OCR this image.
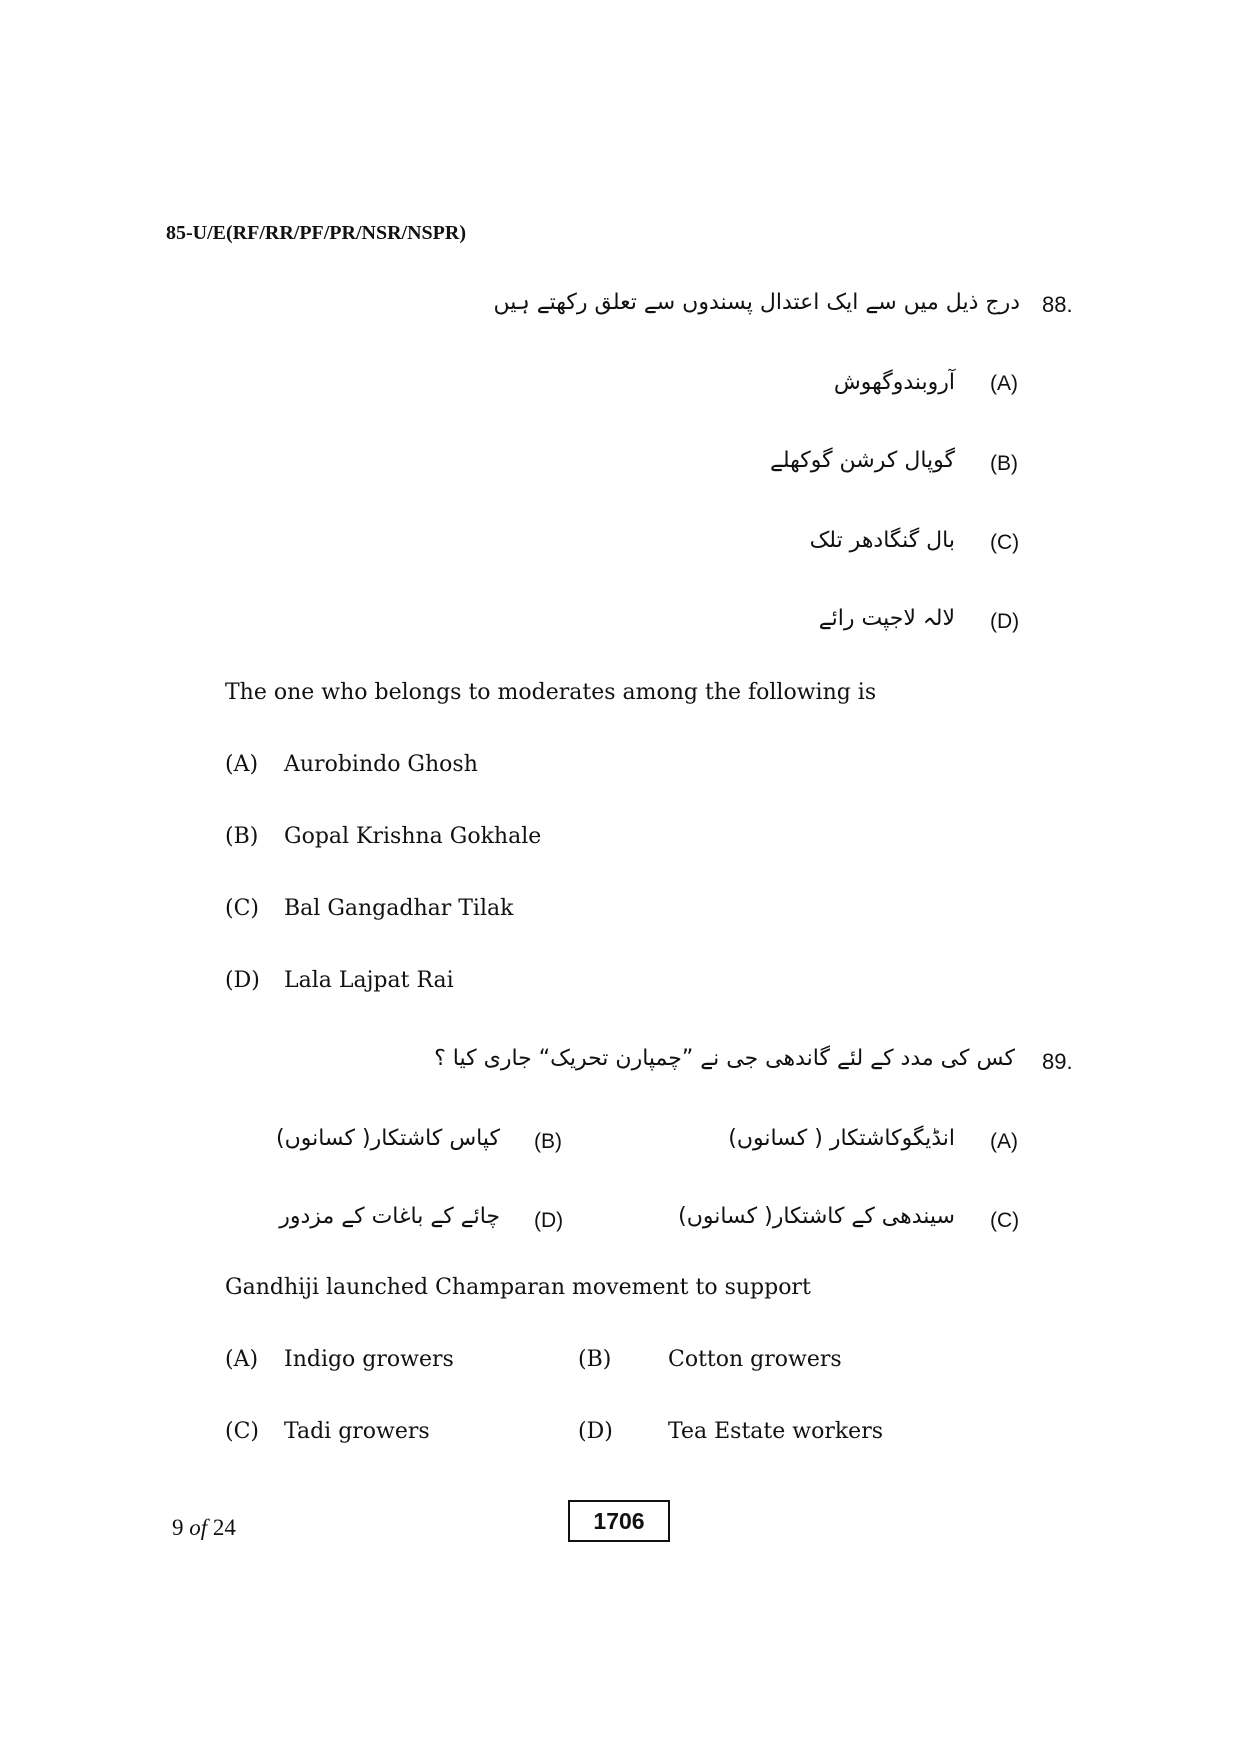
85-U/E(RF/RR/PF/PR/NSR/NSPR)
88.
درج ذیل میں سے ایک اعتدال پسندوں سے تعلق رکھتے ہیں
(A)
آروبندوگھوش
(B)
گوپال کرشن گوکھلے
(C)
بال گنگادھر تلک
(D)
لالہ لاجپت رائے
The one who belongs to moderates among the following is
(A) Aurobindo Ghosh
(B) Gopal Krishna Gokhale
(C) Bal Gangadhar Tilak
(D) Lala Lajpat Rai
89.
کس کی مدد کے لئے گاندھی جی نے ”چمپارن تحریک“ جاری کیا ؟
(A)
انڈیگوکاشتکار ( کسانوں)
(B)
کپاس کاشتکار( کسانوں)
(C)
سیندھی کے کاشتکار( کسانوں)
(D)
چائے کے باغات کے مزدور
Gandhiji launched Champaran movement to support
(A) Indigo growers	(B)	Cotton growers
(C) Tadi growers	(D)	Tea Estate workers
9 of 24	1706
